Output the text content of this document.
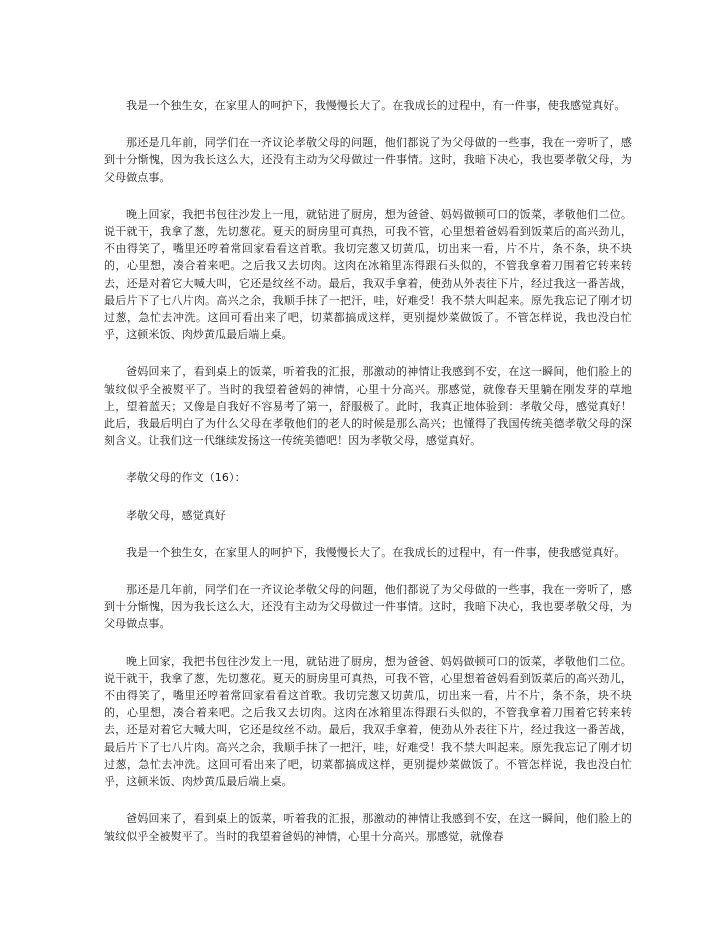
我是一个独生女，在家里人的呵护下，我慢慢长大了。在我成长的过程中，有一件事，使我感觉真好。

那还是几年前，同学们在一齐议论孝敬父母的问题，他们都说了为父母做的一些事，我在一旁听了，感到十分惭愧，因为我长这么大，还没有主动为父母做过一件事情。这时，我暗下决心，我也要孝敬父母，为父母做点事。

晚上回家，我把书包往沙发上一甩，就钻进了厨房，想为爸爸、妈妈做顿可口的饭菜，孝敬他们二位。说干就干，我拿了葱，先切葱花。夏天的厨房里可真热，可我不管，心里想着爸妈看到饭菜后的高兴劲儿，不由得笑了，嘴里还哼着常回家看看这首歌。我切完葱又切黄瓜，切出来一看，片不片，条不条，块不块的，心里想，凑合着来吧。之后我又去切肉。这肉在冰箱里冻得跟石头似的，不管我拿着刀围着它转来转去，还是对着它大喊大叫，它还是纹丝不动。最后，我双手拿着，使劲从外表往下片，经过我这一番苦战，最后片下了七八片肉。高兴之余，我顺手抹了一把汗，哇，好难受！我不禁大叫起来。原先我忘记了刚才切过葱，急忙去冲洗。这回可看出来了吧，切菜都搞成这样，更别提炒菜做饭了。不管怎样说，我也没白忙乎，这顿米饭、肉炒黄瓜最后端上桌。

爸妈回来了，看到桌上的饭菜，听着我的汇报，那激动的神情让我感到不安，在这一瞬间，他们脸上的皱纹似乎全被熨平了。当时的我望着爸妈的神情，心里十分高兴。那感觉，就像春天里躺在刚发芽的草地上，望着蓝天；又像是自我好不容易考了第一，舒服极了。此时，我真正地体验到：孝敬父母，感觉真好！此后，我最后明白了为什么父母在孝敬他们的老人的时候是那么高兴；也懂得了我国传统美德孝敬父母的深刻含义。让我们这一代继续发扬这一传统美德吧！因为孝敬父母，感觉真好。

孝敬父母的作文（16）：

孝敬父母，感觉真好

我是一个独生女，在家里人的呵护下，我慢慢长大了。在我成长的过程中，有一件事，使我感觉真好。

那还是几年前，同学们在一齐议论孝敬父母的问题，他们都说了为父母做的一些事，我在一旁听了，感到十分惭愧，因为我长这么大，还没有主动为父母做过一件事情。这时，我暗下决心，我也要孝敬父母，为父母做点事。

晚上回家，我把书包往沙发上一甩，就钻进了厨房，想为爸爸、妈妈做顿可口的饭菜，孝敬他们二位。说干就干，我拿了葱，先切葱花。夏天的厨房里可真热，可我不管，心里想着爸妈看到饭菜后的高兴劲儿，不由得笑了，嘴里还哼着常回家看看这首歌。我切完葱又切黄瓜，切出来一看，片不片，条不条，块不块的，心里想，凑合着来吧。之后我又去切肉。这肉在冰箱里冻得跟石头似的，不管我拿着刀围着它转来转去，还是对着它大喊大叫，它还是纹丝不动。最后，我双手拿着，使劲从外表往下片，经过我这一番苦战，最后片下了七八片肉。高兴之余，我顺手抹了一把汗，哇，好难受！我不禁大叫起来。原先我忘记了刚才切过葱，急忙去冲洗。这回可看出来了吧，切菜都搞成这样，更别提炒菜做饭了。不管怎样说，我也没白忙乎，这顿米饭、肉炒黄瓜最后端上桌。

爸妈回来了，看到桌上的饭菜，听着我的汇报，那激动的神情让我感到不安，在这一瞬间，他们脸上的皱纹似乎全被熨平了。当时的我望着爸妈的神情，心里十分高兴。那感觉，就像春
